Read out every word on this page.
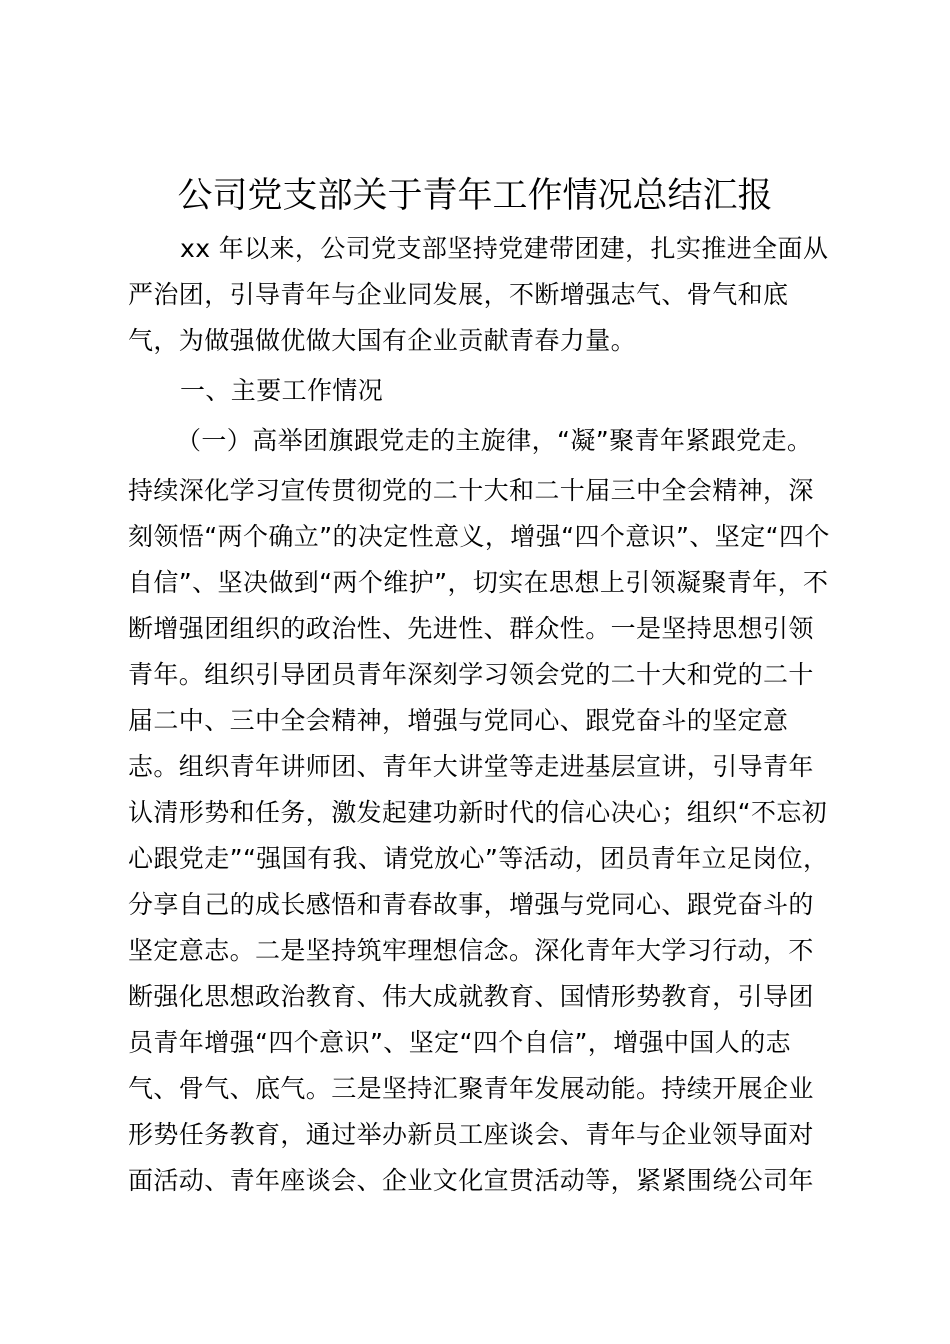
公司党支部关于青年工作情况总结汇报
xx 年以来，公司党支部坚持党建带团建，扎实推进全面从
严治团，引导青年与企业同发展，不断增强志气、骨气和底
气，为做强做优做大国有企业贡献青春力量。
一、主要工作情况
（一）高举团旗跟党走的主旋律，“凝”聚青年紧跟党走。
持续深化学习宣传贯彻党的二十大和二十届三中全会精神，深
刻领悟“两个确立”的决定性意义，增强“四个意识”、坚定“四个
自信”、坚决做到“两个维护”，切实在思想上引领凝聚青年，不
断增强团组织的政治性、先进性、群众性。一是坚持思想引领
青年。组织引导团员青年深刻学习领会党的二十大和党的二十
届二中、三中全会精神，增强与党同心、跟党奋斗的坚定意
志。组织青年讲师团、青年大讲堂等走进基层宣讲，引导青年
认清形势和任务，激发起建功新时代的信心决心；组织“不忘初
心跟党走”“强国有我、请党放心”等活动，团员青年立足岗位，
分享自己的成长感悟和青春故事，增强与党同心、跟党奋斗的
坚定意志。二是坚持筑牢理想信念。深化青年大学习行动，不
断强化思想政治教育、伟大成就教育、国情形势教育，引导团
员青年增强“四个意识”、坚定“四个自信”，增强中国人的志
气、骨气、底气。三是坚持汇聚青年发展动能。持续开展企业
形势任务教育，通过举办新员工座谈会、青年与企业领导面对
面活动、青年座谈会、企业文化宣贯活动等，紧紧围绕公司年
